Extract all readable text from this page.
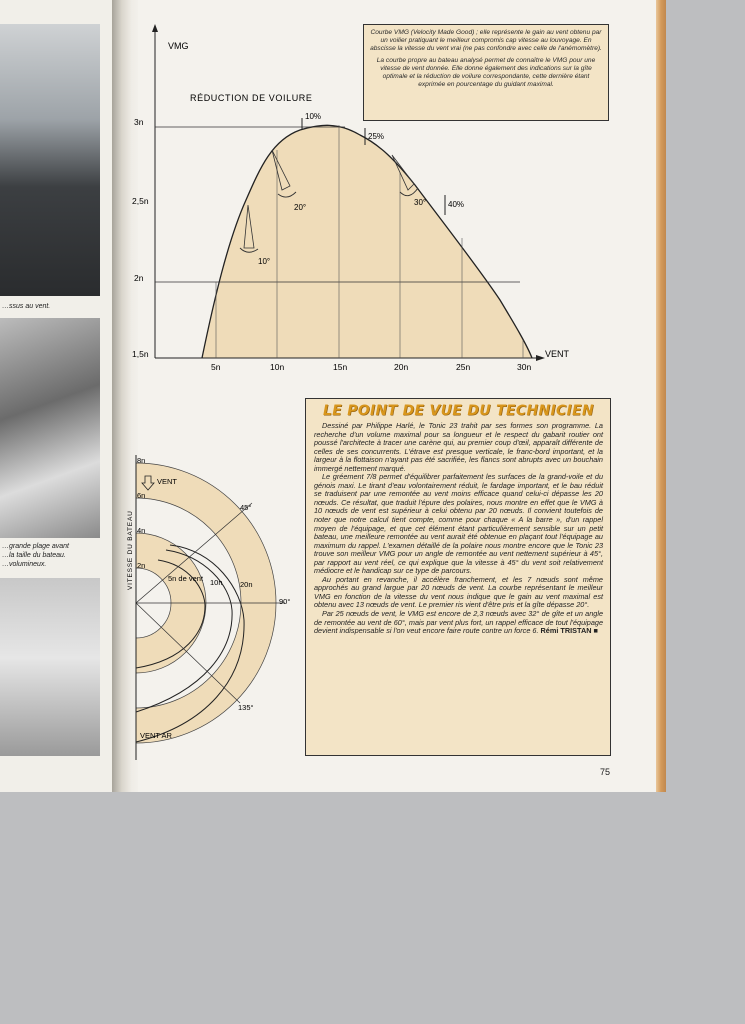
…ssus au vent.
…grande plage avant
…la taille du bateau.
…volumineux.
VMG
VENT
RÉDUCTION DE VOILURE
3n
2,5n
2n
1,5n
5n	10n	15n	20n	25n	30n
10%
25%
40%
10°
20°
30°

Courbe VMG (Velocity Made Good) ; elle représente le gain au vent obtenu par un voilier pratiquant le meilleur compromis cap vitesse au louvoyage. En abscisse la vitesse du vent vrai (ne pas confondre avec celle de l'anémomètre).

La courbe propre au bateau analysé permet de connaître le VMG pour une vitesse de vent donnée. Elle donne également des indications sur la gîte optimale et la réduction de voilure correspondante, cette dernière étant exprimée en pourcentage du guidant maximal.

VITESSE DU BATEAU
8n
6n
4n
2n
45°
90°
135°
5n de vent 10n 20n
VENT
VENT AR
LE POINT DE VUE DU TECHNICIEN

Dessiné par Philippe Harlé, le Tonic 23 trahit par ses formes son programme. La recherche d'un volume maximal pour sa longueur et le respect du gabarit routier ont poussé l'architecte à tracer une carène qui, au premier coup d'œil, apparaît différente de celles de ses concurrents. L'étrave est presque verticale, le franc-bord important, et la largeur à la flottaison n'ayant pas été sacrifiée, les flancs sont abrupts avec un bouchain immergé nettement marqué.

Le gréement 7/8 permet d'équilibrer parfaitement les surfaces de la grand-voile et du génois maxi. Le tirant d'eau volontairement réduit, le fardage important, et le bau réduit se traduisent par une remontée au vent moins efficace quand celui-ci dépasse les 20 nœuds. Ce résultat, que traduit l'épure des polaires, nous montre en effet que le VMG à 10 nœuds de vent est supérieur à celui obtenu par 20 nœuds. Il convient toutefois de noter que notre calcul tient compte, comme pour chaque « A la barre », d'un rappel moyen de l'équipage, et que cet élément étant particulièrement sensible sur un petit bateau, une meilleure remontée au vent aurait été obtenue en plaçant tout l'équipage au maximum du rappel. L'examen détaillé de la polaire nous montre encore que le Tonic 23 trouve son meilleur VMG pour un angle de remontée au vent nettement supérieur à 45°, par rapport au vent réel, ce qui explique que la vitesse à 45° du vent soit relativement médiocre et le handicap sur ce type de parcours.

Au portant en revanche, il accélère franchement, et les 7 nœuds sont même approchés au grand largue par 20 nœuds de vent. La courbe représentant le meilleur VMG en fonction de la vitesse du vent nous indique que le gain au vent maximal est obtenu avec 13 nœuds de vent. Le premier ris vient d'être pris et la gîte dépasse 20°.

Par 25 nœuds de vent, le VMG est encore de 2,3 nœuds avec 32° de gîte et un angle de remontée au vent de 60°, mais par vent plus fort, un rappel efficace de tout l'équipage devient indispensable si l'on veut encore faire route contre un force 6. Rémi TRISTAN ■

75
